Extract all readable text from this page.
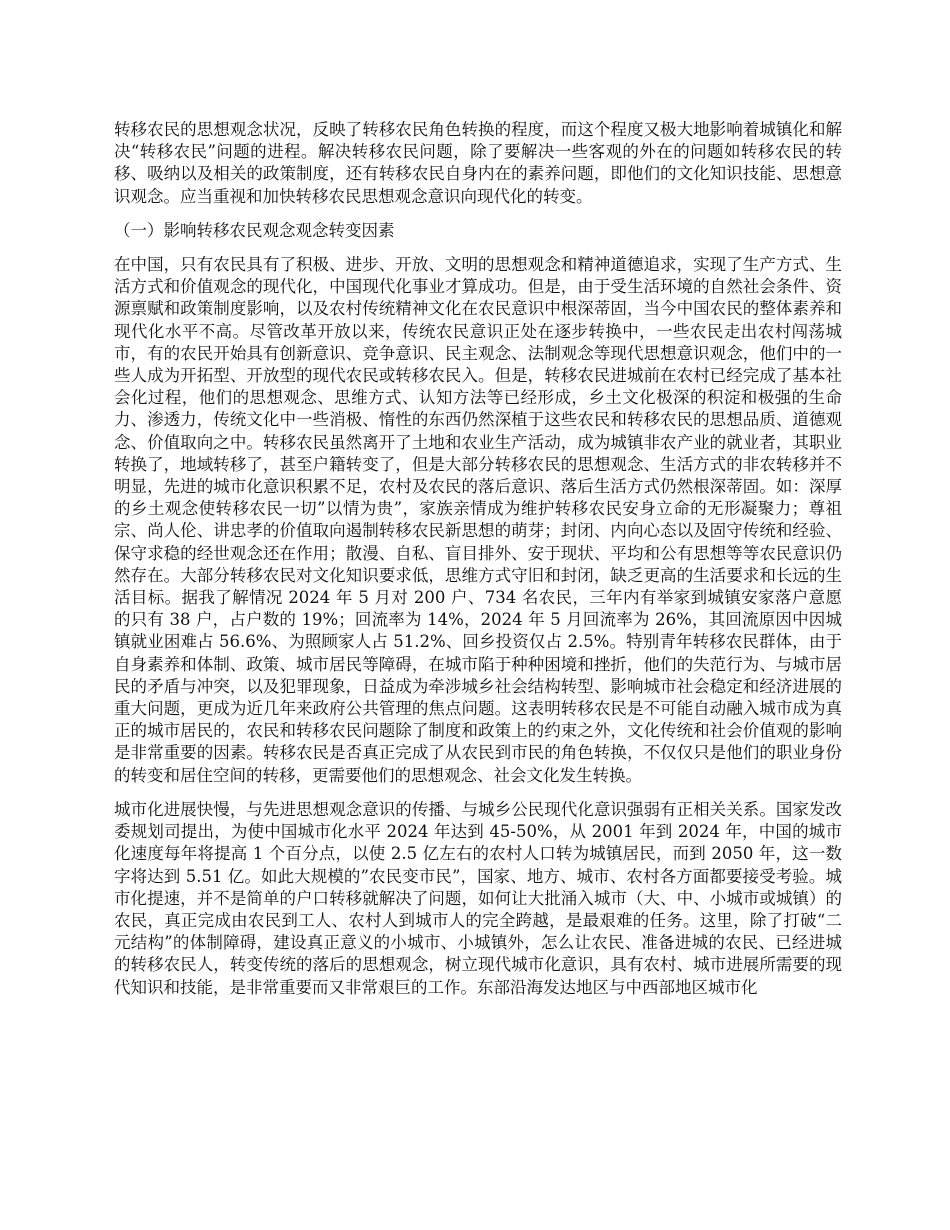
转移农民的思想观念状况，反映了转移农民角色转换的程度，而这个程度又极大地影响着城镇化和解决“转移农民”问题的进程。解决转移农民问题，除了要解决一些客观的外在的问题如转移农民的转移、吸纳以及相关的政策制度，还有转移农民自身内在的素养问题，即他们的文化知识技能、思想意识观念。应当重视和加快转移农民思想观念意识向现代化的转变。

（一）影响转移农民观念观念转变因素

在中国，只有农民具有了积极、进步、开放、文明的思想观念和精神道德追求，实现了生产方式、生活方式和价值观念的现代化，中国现代化事业才算成功。但是，由于受生活环境的自然社会条件、资源禀赋和政策制度影响，以及农村传统精神文化在农民意识中根深蒂固，当今中国农民的整体素养和现代化水平不高。尽管改革开放以来，传统农民意识正处在逐步转换中，一些农民走出农村闯荡城市，有的农民开始具有创新意识、竞争意识、民主观念、法制观念等现代思想意识观念，他们中的一些人成为开拓型、开放型的现代农民或转移农民入。但是，转移农民进城前在农村已经完成了基本社会化过程，他们的思想观念、思维方式、认知方法等已经形成，乡土文化极深的积淀和极强的生命力、渗透力，传统文化中一些消极、惰性的东西仍然深植于这些农民和转移农民的思想品质、道德观念、价值取向之中。转移农民虽然离开了土地和农业生产活动，成为城镇非农产业的就业者，其职业转换了，地域转移了，甚至户籍转变了，但是大部分转移农民的思想观念、生活方式的非农转移并不明显，先进的城市化意识积累不足，农村及农民的落后意识、落后生活方式仍然根深蒂固。如：深厚的乡土观念使转移农民一切”以情为贵”，家族亲情成为维护转移农民安身立命的无形凝聚力；尊祖宗、尚人伦、讲忠孝的价值取向遏制转移农民新思想的萌芽；封闭、内向心态以及固守传统和经验、保守求稳的经世观念还在作用；散漫、自私、盲目排外、安于现状、平均和公有思想等等农民意识仍然存在。大部分转移农民对文化知识要求低，思维方式守旧和封闭，缺乏更高的生活要求和长远的生活目标。据我了解情况 2024 年 5 月对 200 户、734 名农民，三年内有举家到城镇安家落户意愿的只有 38 户，占户数的 19%；回流率为 14%，2024 年 5 月回流率为 26%，其回流原因中因城镇就业困难占 56.6%、为照顾家人占 51.2%、回乡投资仅占 2.5%。特别青年转移农民群体，由于自身素养和体制、政策、城市居民等障碍，在城市陷于种种困境和挫折，他们的失范行为、与城市居民的矛盾与冲突，以及犯罪现象，日益成为牵涉城乡社会结构转型、影响城市社会稳定和经济进展的重大问题，更成为近几年来政府公共管理的焦点问题。这表明转移农民是不可能自动融入城市成为真正的城市居民的，农民和转移农民问题除了制度和政策上的约束之外，文化传统和社会价值观的影响是非常重要的因素。转移农民是否真正完成了从农民到市民的角色转换，不仅仅只是他们的职业身份的转变和居住空间的转移，更需要他们的思想观念、社会文化发生转换。

城市化进展快慢，与先进思想观念意识的传播、与城乡公民现代化意识强弱有正相关关系。国家发改委规划司提出，为使中国城市化水平 2024 年达到 45-50%，从 2001 年到 2024 年，中国的城市化速度每年将提高 1 个百分点，以使 2.5 亿左右的农村人口转为城镇居民，而到 2050 年，这一数字将达到 5.51 亿。如此大规模的”农民变市民”，国家、地方、城市、农村各方面都要接受考验。城市化提速，并不是简单的户口转移就解决了问题，如何让大批涌入城市（大、中、小城市或城镇）的农民，真正完成由农民到工人、农村人到城市人的完全跨越，是最艰难的任务。这里，除了打破“二元结构”的体制障碍，建设真正意义的小城市、小城镇外，怎么让农民、准备进城的农民、已经进城的转移农民人，转变传统的落后的思想观念，树立现代城市化意识，具有农村、城市进展所需要的现代知识和技能，是非常重要而又非常艰巨的工作。东部沿海发达地区与中西部地区城市化
